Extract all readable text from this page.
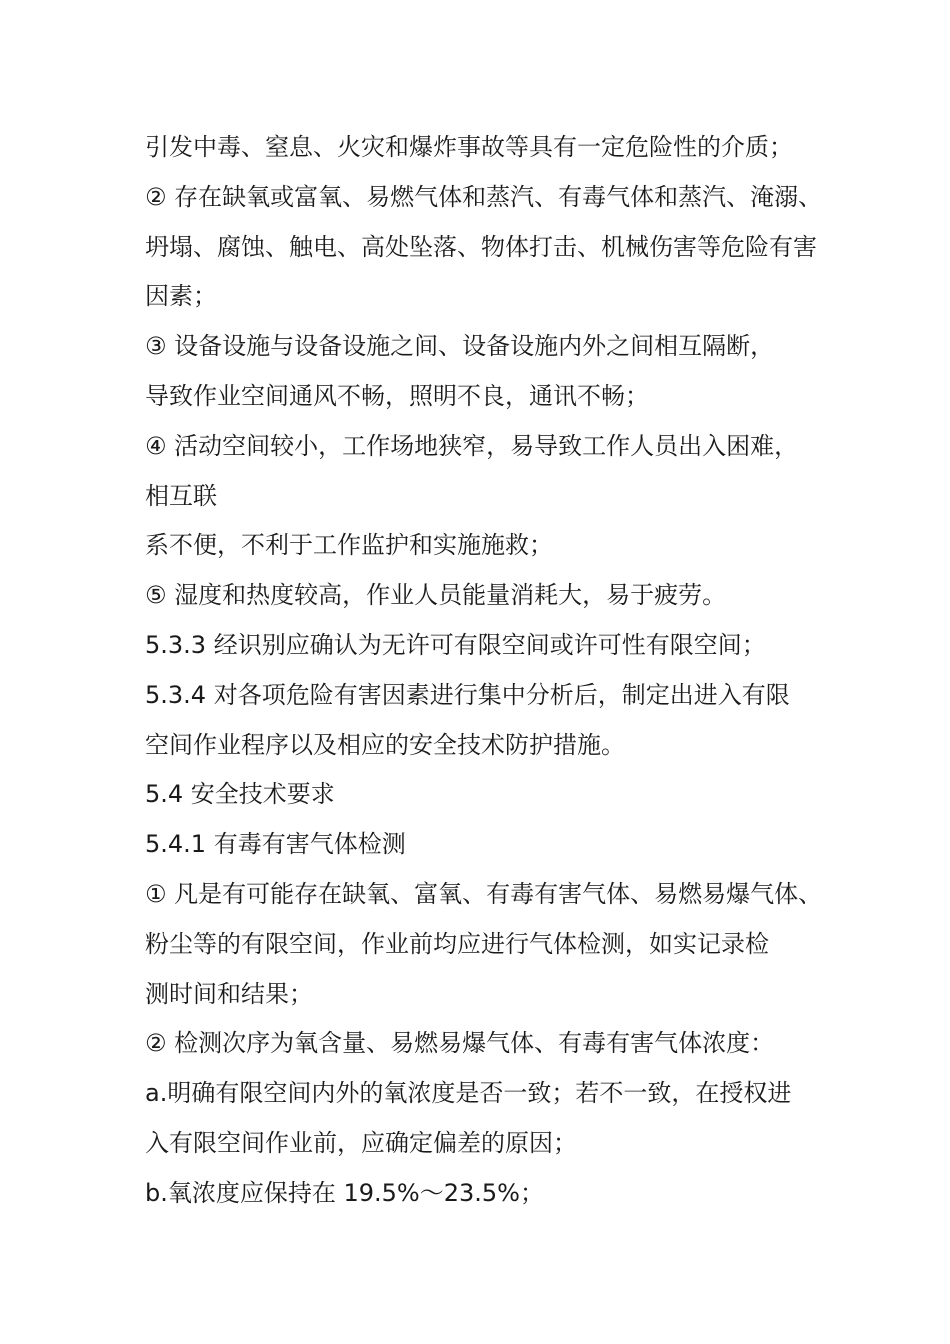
引发中毒、窒息、火灾和爆炸事故等具有一定危险性的介质；
② 存在缺氧或富氧、易燃气体和蒸汽、有毒气体和蒸汽、淹溺、
坍塌、腐蚀、触电、高处坠落、物体打击、机械伤害等危险有害
因素；
③ 设备设施与设备设施之间、设备设施内外之间相互隔断，
导致作业空间通风不畅，照明不良，通讯不畅；
④ 活动空间较小，工作场地狭窄，易导致工作人员出入困难，
相互联
系不便，不利于工作监护和实施施救；
⑤ 湿度和热度较高，作业人员能量消耗大，易于疲劳。
5.3.3 经识别应确认为无许可有限空间或许可性有限空间；
5.3.4 对各项危险有害因素进行集中分析后，制定出进入有限
空间作业程序以及相应的安全技术防护措施。
5.4 安全技术要求
5.4.1 有毒有害气体检测
① 凡是有可能存在缺氧、富氧、有毒有害气体、易燃易爆气体、
粉尘等的有限空间，作业前均应进行气体检测，如实记录检
测时间和结果；
② 检测次序为氧含量、易燃易爆气体、有毒有害气体浓度：
a.明确有限空间内外的氧浓度是否一致；若不一致，在授权进
入有限空间作业前，应确定偏差的原因；
b.氧浓度应保持在 19.5%～23.5%；
